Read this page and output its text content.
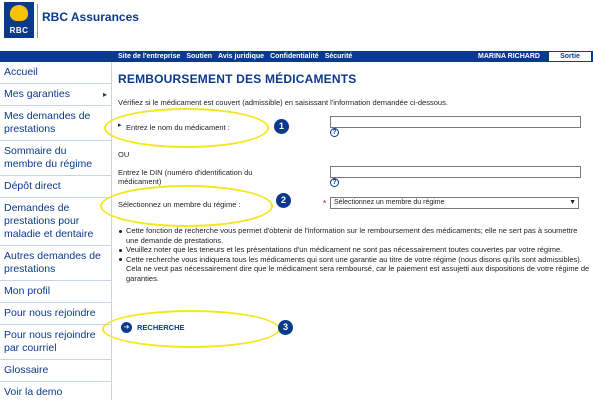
RBC
RBC Assurances
Site de l'entreprise Soutien Avis juridique Confidentialité Sécurité	MARINA RICHARD	Sortie
Accueil
Mes garanties	▸
Mes demandes de prestations
Sommaire du membre du régime
Dépôt direct
Demandes de prestations pour maladie et dentaire
Autres demandes de prestations
Mon profil
Pour nous rejoindre
Pour nous rejoindre par courriel
Glossaire
Voir la demo
REMBOURSEMENT DES MÉDICAMENTS
Vérifiez si le médicament est couvert (admissible) en saisissant l'information demandée ci-dessous.
▸ Entrez le nom du médicament :
?
OU
Entrez le DIN (numéro d'identification du médicament)	?
Sélectionnez un membre du régime :	*	Sélectionnez un membre du régime	▼
Cette fonction de recherche vous permet d'obtenir de l'information sur le remboursement des médicaments; elle ne sert pas à soumettre une demande de prestations.
Veuillez noter que les teneurs et les présentations d'un médicament ne sont pas nécessairement toutes couvertes par votre régime.
Cette recherche vous indiquera tous les médicaments qui sont une garantie au titre de votre régime (nous disons qu'ils sont admissibles). Cela ne veut pas nécessairement dire que le médicament sera remboursé, car le paiement est assujetti aux dispositions de votre régime de garanties.
➔	RECHERCHE
1
2
3
